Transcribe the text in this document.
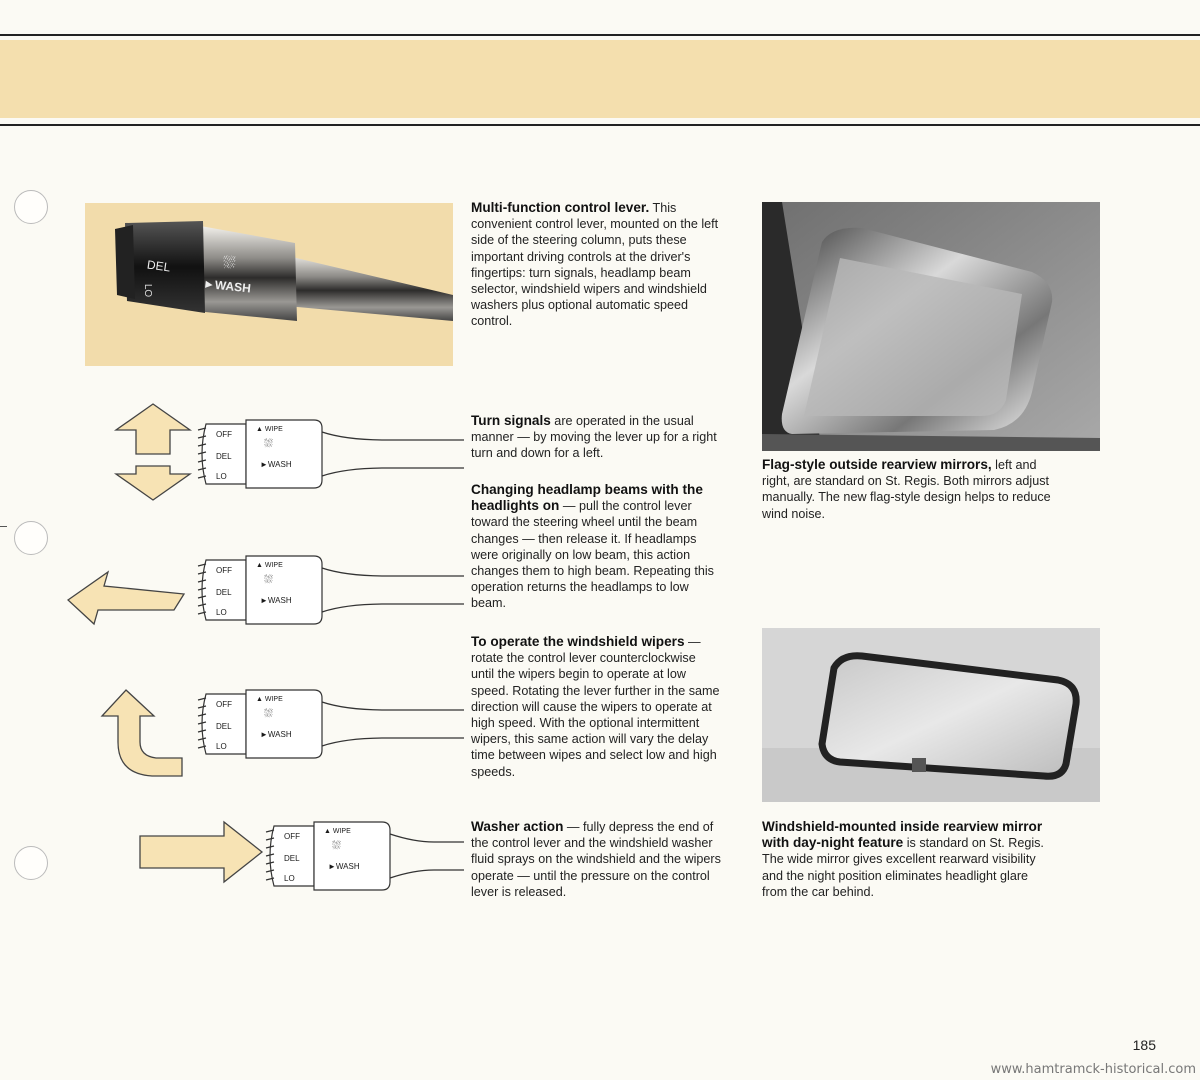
DEL
LO
⛆
►WASH
OFF
DEL
LO
▲ WIPE
⛆
►WASH
OFF
DEL
LO
▲ WIPE
⛆
►WASH
OFF
DEL
LO
▲ WIPE
⛆
►WASH
OFF
DEL
LO
▲ WIPE
⛆
►WASH
Multi-function control lever. This convenient control lever, mounted on the left side of the steering column, puts these important driving controls at the driver's fingertips: turn signals, headlamp beam selector, windshield wipers and windshield washers plus optional automatic speed control.
Turn signals are operated in the usual manner — by moving the lever up for a right turn and down for a left.
Changing headlamp beams with the headlights on — pull the control lever toward the steering wheel until the beam changes — then release it. If headlamps were originally on low beam, this action changes them to high beam. Repeating this operation returns the headlamps to low beam.
To operate the windshield wipers — rotate the control lever counterclockwise until the wipers begin to operate at low speed. Rotating the lever further in the same direction will cause the wipers to operate at high speed. With the optional intermittent wipers, this same action will vary the delay time between wipes and select low and high speeds.
Washer action — fully depress the end of the control lever and the windshield washer fluid sprays on the windshield and the wipers operate — until the pressure on the control lever is released.
Flag-style outside rearview mirrors, left and right, are standard on St. Regis. Both mirrors adjust manually. The new flag-style design helps to reduce wind noise.
Windshield-mounted inside rearview mirror with day-night feature is standard on St. Regis. The wide mirror gives excellent rearward visibility and the night position eliminates headlight glare from the car behind.
185
www.hamtramck-historical.com
